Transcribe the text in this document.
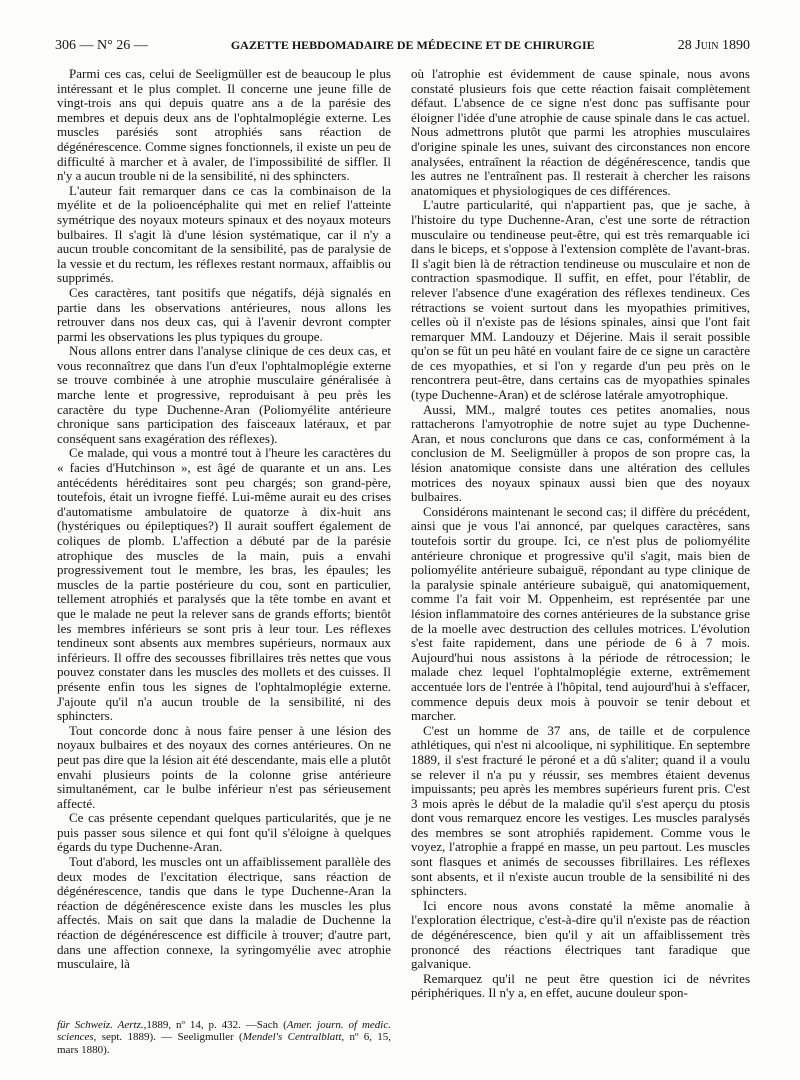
306 — N° 26 —	GAZETTE HEBDOMADAIRE DE MÉDECINE ET DE CHIRURGIE	28 Juin 1890

Parmi ces cas, celui de Seeligmüller est de beaucoup le plus intéressant et le plus complet. Il concerne une jeune fille de vingt-trois ans qui depuis quatre ans a de la parésie des membres et depuis deux ans de l'ophtalmoplégie externe. Les muscles parésiés sont atrophiés sans réaction de dégénérescence. Comme signes fonctionnels, il existe un peu de difficulté à marcher et à avaler, de l'impossibilité de siffler. Il n'y a aucun trouble ni de la sensibilité, ni des sphincters.

L'auteur fait remarquer dans ce cas la combinaison de la myélite et de la polioencéphalite qui met en relief l'atteinte symétrique des noyaux moteurs spinaux et des noyaux moteurs bulbaires. Il s'agit là d'une lésion systématique, car il n'y a aucun trouble concomitant de la sensibilité, pas de paralysie de la vessie et du rectum, les réflexes restant normaux, affaiblis ou supprimés.

Ces caractères, tant positifs que négatifs, déjà signalés en partie dans les observations antérieures, nous allons les retrouver dans nos deux cas, qui à l'avenir devront compter parmi les observations les plus typiques du groupe.

Nous allons entrer dans l'analyse clinique de ces deux cas, et vous reconnaîtrez que dans l'un d'eux l'ophtalmoplégie externe se trouve combinée à une atrophie musculaire généralisée à marche lente et progressive, reproduisant à peu près les caractère du type Duchenne-Aran (Poliomyélite antérieure chronique sans participation des faisceaux latéraux, et par conséquent sans exagération des réflexes).

Ce malade, qui vous a montré tout à l'heure les caractères du « facies d'Hutchinson », est âgé de quarante et un ans. Les antécédents héréditaires sont peu chargés; son grand-père, toutefois, était un ivrogne fieffé. Lui-même aurait eu des crises d'automatisme ambulatoire de quatorze à dix-huit ans (hystériques ou épileptiques?) Il aurait souffert également de coliques de plomb. L'affection a débuté par de la parésie atrophique des muscles de la main, puis a envahi progressivement tout le membre, les bras, les épaules; les muscles de la partie postérieure du cou, sont en particulier, tellement atrophiés et paralysés que la tête tombe en avant et que le malade ne peut la relever sans de grands efforts; bientôt les membres inférieurs se sont pris à leur tour. Les réflexes tendineux sont absents aux membres supérieurs, normaux aux inférieurs. Il offre des secousses fibrillaires très nettes que vous pouvez constater dans les muscles des mollets et des cuisses. Il présente enfin tous les signes de l'ophtalmoplégie externe. J'ajoute qu'il n'a aucun trouble de la sensibilité, ni des sphincters.

Tout concorde donc à nous faire penser à une lésion des noyaux bulbaires et des noyaux des cornes antérieures. On ne peut pas dire que la lésion ait été descendante, mais elle a plutôt envahi plusieurs points de la colonne grise antérieure simultanément, car le bulbe inférieur n'est pas sérieusement affecté.

Ce cas présente cependant quelques particularités, que je ne puis passer sous silence et qui font qu'il s'éloigne à quelques égards du type Duchenne-Aran.

Tout d'abord, les muscles ont un affaiblissement parallèle des deux modes de l'excitation électrique, sans réaction de dégénérescence, tandis que dans le type Duchenne-Aran la réaction de dégénérescence existe dans les muscles les plus affectés. Mais on sait que dans la maladie de Duchenne la réaction de dégénérescence est difficile à trouver; d'autre part, dans une affection connexe, la syringomyélie avec atrophie musculaire, là

für Schweiz. Aertz.,1889, nº 14, p. 432. —Sach (Amer. journ. of medic. sciences, sept. 1889). — Seeligmuller (Mendel's Centralblatt, nº 6, 15, mars 1880).

où l'atrophie est évidemment de cause spinale, nous avons constaté plusieurs fois que cette réaction faisait complètement défaut. L'absence de ce signe n'est donc pas suffisante pour éloigner l'idée d'une atrophie de cause spinale dans le cas actuel. Nous admettrons plutôt que parmi les atrophies musculaires d'origine spinale les unes, suivant des circonstances non encore analysées, entraînent la réaction de dégénérescence, tandis que les autres ne l'entraînent pas. Il resterait à chercher les raisons anatomiques et physiologiques de ces différences.

L'autre particularité, qui n'appartient pas, que je sache, à l'histoire du type Duchenne-Aran, c'est une sorte de rétraction musculaire ou tendineuse peut-être, qui est très remarquable ici dans le biceps, et s'oppose à l'extension complète de l'avant-bras. Il s'agit bien là de rétraction tendineuse ou musculaire et non de contraction spasmodique. Il suffit, en effet, pour l'établir, de relever l'absence d'une exagération des réflexes tendineux. Ces rétractions se voient surtout dans les myopathies primitives, celles où il n'existe pas de lésions spinales, ainsi que l'ont fait remarquer MM. Landouzy et Déjerine. Mais il serait possible qu'on se fût un peu hâté en voulant faire de ce signe un caractère de ces myopathies, et si l'on y regarde d'un peu près on le rencontrera peut-être, dans certains cas de myopathies spinales (type Duchenne-Aran) et de sclérose latérale amyotrophique.

Aussi, MM., malgré toutes ces petites anomalies, nous rattacherons l'amyotrophie de notre sujet au type Duchenne-Aran, et nous conclurons que dans ce cas, conformément à la conclusion de M. Seeligmüller à propos de son propre cas, la lésion anatomique consiste dans une altération des cellules motrices des noyaux spinaux aussi bien que des noyaux bulbaires.

Considérons maintenant le second cas; il diffère du précédent, ainsi que je vous l'ai annoncé, par quelques caractères, sans toutefois sortir du groupe. Ici, ce n'est plus de poliomyélite antérieure chronique et progressive qu'il s'agit, mais bien de poliomyélite antérieure subaiguë, répondant au type clinique de la paralysie spinale antérieure subaiguë, qui anatomiquement, comme l'a fait voir M. Oppenheim, est représentée par une lésion inflammatoire des cornes antérieures de la substance grise de la moelle avec destruction des cellules motrices. L'évolution s'est faite rapidement, dans une période de 6 à 7 mois. Aujourd'hui nous assistons à la période de rétrocession; le malade chez lequel l'ophtalmoplégie externe, extrêmement accentuée lors de l'entrée à l'hôpital, tend aujourd'hui à s'effacer, commence depuis deux mois à pouvoir se tenir debout et marcher.

C'est un homme de 37 ans, de taille et de corpulence athlétiques, qui n'est ni alcoolique, ni syphilitique. En septembre 1889, il s'est fracturé le péroné et a dû s'aliter; quand il a voulu se relever il n'a pu y réussir, ses membres étaient devenus impuissants; peu après les membres supérieurs furent pris. C'est 3 mois après le début de la maladie qu'il s'est aperçu du ptosis dont vous remarquez encore les vestiges. Les muscles paralysés des membres se sont atrophiés rapidement. Comme vous le voyez, l'atrophie a frappé en masse, un peu partout. Les muscles sont flasques et animés de secousses fibrillaires. Les réflexes sont absents, et il n'existe aucun trouble de la sensibilité ni des sphincters.

Ici encore nous avons constaté la même anomalie à l'exploration électrique, c'est-à-dire qu'il n'existe pas de réaction de dégénérescence, bien qu'il y ait un affaiblissement très prononcé des réactions électriques tant faradique que galvanique.

Remarquez qu'il ne peut être question ici de névrites périphériques. Il n'y a, en effet, aucune douleur spon-
